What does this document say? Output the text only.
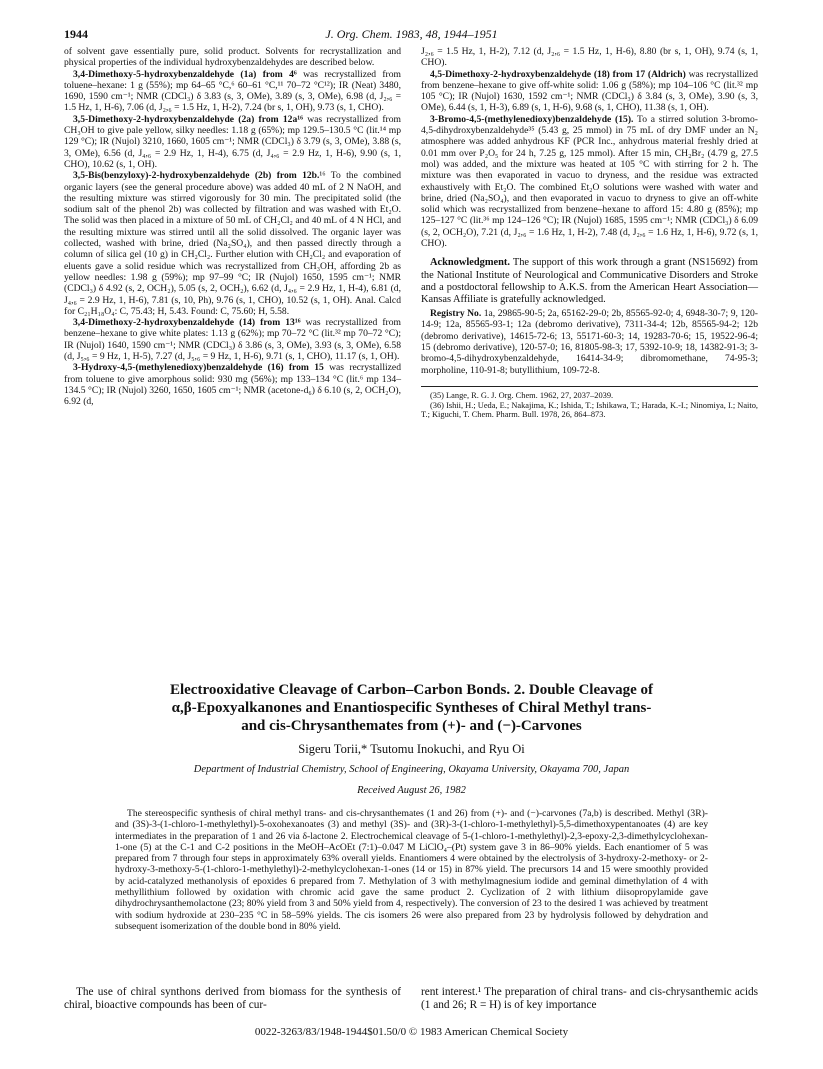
1944	J. Org. Chem. 1983, 48, 1944–1951

of solvent gave essentially pure, solid product. Solvents for recrystallization and physical properties of the individual hydroxybenzaldehydes are described below.

3,4-Dimethoxy-5-hydroxybenzaldehyde (1a) from 4⁶ was recrystallized from toluene–hexane: 1 g (55%); mp 64–65 °C,⁶ 60–61 °C,¹¹ 70–72 °C¹²); IR (Neat) 3480, 1690, 1590 cm⁻¹; NMR (CDCl₃) δ 3.83 (s, 3, OMe), 3.89 (s, 3, OMe), 6.98 (d, J₂,₆ = 1.5 Hz, 1, H-6), 7.06 (d, J₂,₆ = 1.5 Hz, 1, H-2), 7.24 (br s, 1, OH), 9.73 (s, 1, CHO).

3,5-Dimethoxy-2-hydroxybenzaldehyde (2a) from 12a¹⁶ was recrystallized from CH₃OH to give pale yellow, silky needles: 1.18 g (65%); mp 129.5–130.5 °C (lit.¹⁴ mp 129 °C); IR (Nujol) 3210, 1660, 1605 cm⁻¹; NMR (CDCl₃) δ 3.79 (s, 3, OMe), 3.88 (s, 3, OMe), 6.56 (d, J₄,₆ = 2.9 Hz, 1, H-4), 6.75 (d, J₄,₆ = 2.9 Hz, 1, H-6), 9.90 (s, 1, CHO), 10.62 (s, 1, OH).

3,5-Bis(benzyloxy)-2-hydroxybenzaldehyde (2b) from 12b.¹⁶ To the combined organic layers (see the general procedure above) was added 40 mL of 2 N NaOH, and the resulting mixture was stirred vigorously for 30 min. The precipitated solid (the sodium salt of the phenol 2b) was collected by filtration and was washed with Et₂O. The solid was then placed in a mixture of 50 mL of CH₂Cl₂ and 40 mL of 4 N HCl, and the resulting mixture was stirred until all the solid dissolved. The organic layer was collected, washed with brine, dried (Na₂SO₄), and then passed directly through a column of silica gel (10 g) in CH₂Cl₂. Further elution with CH₂Cl₂ and evaporation of eluents gave a solid residue which was recrystallized from CH₃OH, affording 2b as yellow needles: 1.98 g (59%); mp 97–99 °C; IR (Nujol) 1650, 1595 cm⁻¹; NMR (CDCl₃) δ 4.92 (s, 2, OCH₂), 5.05 (s, 2, OCH₂), 6.62 (d, J₄,₆ = 2.9 Hz, 1, H-4), 6.81 (d, J₄,₆ = 2.9 Hz, 1, H-6), 7.81 (s, 10, Ph), 9.76 (s, 1, CHO), 10.52 (s, 1, OH). Anal. Calcd for C₂₁H₁₈O₄: C, 75.43; H, 5.43. Found: C, 75.60; H, 5.58.

3,4-Dimethoxy-2-hydroxybenzaldehyde (14) from 13¹⁶ was recrystallized from benzene–hexane to give white plates: 1.13 g (62%); mp 70–72 °C (lit.³² mp 70–72 °C); IR (Nujol) 1640, 1590 cm⁻¹; NMR (CDCl₃) δ 3.86 (s, 3, OMe), 3.93 (s, 3, OMe), 6.58 (d, J₅,₆ = 9 Hz, 1, H-5), 7.27 (d, J₅,₆ = 9 Hz, 1, H-6), 9.71 (s, 1, CHO), 11.17 (s, 1, OH).

3-Hydroxy-4,5-(methylenedioxy)benzaldehyde (16) from 15 was recrystallized from toluene to give amorphous solid: 930 mg (56%); mp 133–134 °C (lit.⁶ mp 134–134.5 °C); IR (Nujol) 3260, 1650, 1605 cm⁻¹; NMR (acetone-d₆) δ 6.10 (s, 2, OCH₂O), 6.92 (d,

J₂,₆ = 1.5 Hz, 1, H-2), 7.12 (d, J₂,₆ = 1.5 Hz, 1, H-6), 8.80 (br s, 1, OH), 9.74 (s, 1, CHO).

4,5-Dimethoxy-2-hydroxybenzaldehyde (18) from 17 (Aldrich) was recrystallized from benzene–hexane to give off-white solid: 1.06 g (58%); mp 104–106 °C (lit.³² mp 105 °C); IR (Nujol) 1630, 1592 cm⁻¹; NMR (CDCl₃) δ 3.84 (s, 3, OMe), 3.90 (s, 3, OMe), 6.44 (s, 1, H-3), 6.89 (s, 1, H-6), 9.68 (s, 1, CHO), 11.38 (s, 1, OH).

3-Bromo-4,5-(methylenedioxy)benzaldehyde (15). To a stirred solution 3-bromo-4,5-dihydroxybenzaldehyde³⁵ (5.43 g, 25 mmol) in 75 mL of dry DMF under an N₂ atmosphere was added anhydrous KF (PCR Inc., anhydrous material freshly dried at 0.01 mm over P₂O₅ for 24 h, 7.25 g, 125 mmol). After 15 min, CH₂Br₂ (4.79 g, 27.5 mol) was added, and the mixture was heated at 105 °C with stirring for 2 h. The mixture was then evaporated in vacuo to dryness, and the residue was extracted exhaustively with Et₂O. The combined Et₂O solutions were washed with water and brine, dried (Na₂SO₄), and then evaporated in vacuo to dryness to give an off-white solid which was recrystallized from benzene–hexane to afford 15: 4.80 g (85%); mp 125–127 °C (lit.³⁶ mp 124–126 °C); IR (Nujol) 1685, 1595 cm⁻¹; NMR (CDCl₃) δ 6.09 (s, 2, OCH₂O), 7.21 (d, J₂,₆ = 1.6 Hz, 1, H-2), 7.48 (d, J₂,₆ = 1.6 Hz, 1, H-6), 9.72 (s, 1, CHO).

Acknowledgment. The support of this work through a grant (NS15692) from the National Institute of Neurological and Communicative Disorders and Stroke and a postdoctoral fellowship to A.K.S. from the American Heart Association—Kansas Affiliate is gratefully acknowledged.

Registry No. 1a, 29865-90-5; 2a, 65162-29-0; 2b, 85565-92-0; 4, 6948-30-7; 9, 120-14-9; 12a, 85565-93-1; 12a (debromo derivative), 7311-34-4; 12b, 85565-94-2; 12b (debromo derivative), 14615-72-6; 13, 55171-60-3; 14, 19283-70-6; 15, 19522-96-4; 15 (debromo derivative), 120-57-0; 16, 81805-98-3; 17, 5392-10-9; 18, 14382-91-3; 3-bromo-4,5-dihydroxybenzaldehyde, 16414-34-9; dibromomethane, 74-95-3; morpholine, 110-91-8; butyllithium, 109-72-8.

(35) Lange, R. G. J. Org. Chem. 1962, 27, 2037–2039.

(36) Ishii, H.; Ueda, E.; Nakajima, K.; Ishida, T.; Ishikawa, T.; Harada, K.-I.; Ninomiya, I.; Naito, T.; Kiguchi, T. Chem. Pharm. Bull. 1978, 26, 864–873.

Electrooxidative Cleavage of Carbon–Carbon Bonds. 2. Double Cleavage of
α,β-Epoxyalkanones and Enantiospecific Syntheses of Chiral Methyl trans-
and cis-Chrysanthemates from (+)- and (−)-Carvones
Sigeru Torii,* Tsutomu Inokuchi, and Ryu Oi
Department of Industrial Chemistry, School of Engineering, Okayama University, Okayama 700, Japan
Received August 26, 1982

The stereospecific synthesis of chiral methyl trans- and cis-chrysanthemates (1 and 26) from (+)- and (−)-carvones (7a,b) is described. Methyl (3R)- and (3S)-3-(1-chloro-1-methylethyl)-5-oxohexanoates (3) and methyl (3S)- and (3R)-3-(1-chloro-1-methylethyl)-5,5-dimethoxypentanoates (4) are key intermediates in the preparation of 1 and 26 via δ-lactone 2. Electrochemical cleavage of 5-(1-chloro-1-methylethyl)-2,3-epoxy-2,3-dimethylcyclohexan-1-one (5) at the C-1 and C-2 positions in the MeOH–AcOEt (7:1)–0.047 M LiClO₄–(Pt) system gave 3 in 86–90% yields. Each enantiomer of 5 was prepared from 7 through four steps in approximately 63% overall yields. Enantiomers 4 were obtained by the electrolysis of 3-hydroxy-2-methoxy- or 2-hydroxy-3-methoxy-5-(1-chloro-1-methylethyl)-2-methylcyclohexan-1-ones (14 or 15) in 87% yield. The precursors 14 and 15 were smoothly provided by acid-catalyzed methanolysis of epoxides 6 prepared from 7. Methylation of 3 with methylmagnesium iodide and geminal dimethylation of 4 with methyllithium followed by oxidation with chromic acid gave the same product 2. Cyclization of 2 with lithium diisopropylamide gave dihydrochrysanthemolactone (23; 80% yield from 3 and 50% yield from 4, respectively). The conversion of 23 to the desired 1 was achieved by treatment with sodium hydroxide at 230–235 °C in 58–59% yields. The cis isomers 26 were also prepared from 23 by hydrolysis followed by dehydration and subsequent isomerization of the double bond in 80% yield.

The use of chiral synthons derived from biomass for the synthesis of chiral, bioactive compounds has been of cur-

rent interest.¹ The preparation of chiral trans- and cis-chrysanthemic acids (1 and 26; R = H) is of key importance

0022-3263/83/1948-1944$01.50/0 © 1983 American Chemical Society
